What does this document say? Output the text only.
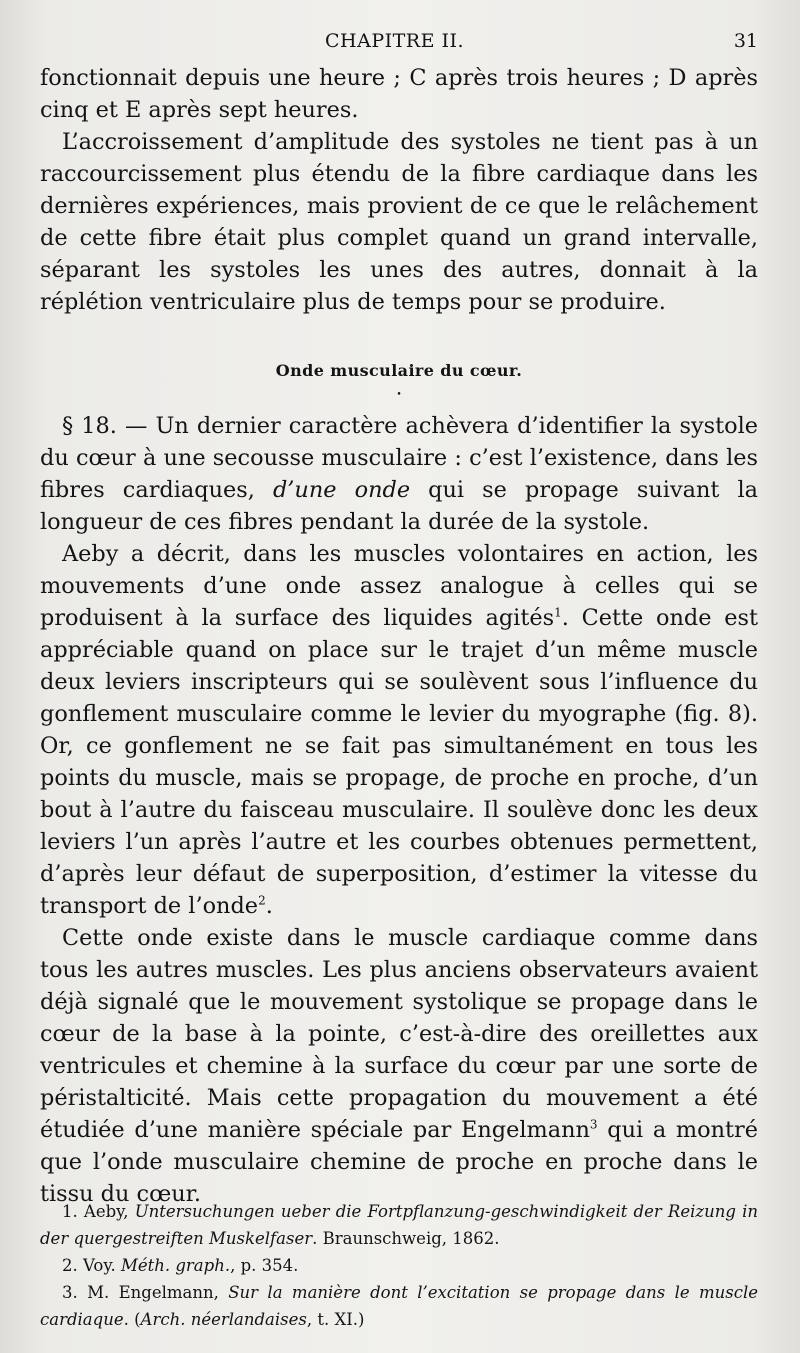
CHAPITRE II.	31

fonctionnait depuis une heure ; C après trois heures ; D après cinq et E après sept heures.

L’accroissement d’amplitude des systoles ne tient pas à un raccourcissement plus étendu de la fibre cardiaque dans les dernières expériences, mais provient de ce que le relâchement de cette fibre était plus complet quand un grand intervalle, séparant les systoles les unes des autres, donnait à la réplétion ventriculaire plus de temps pour se produire.

Onde musculaire du cœur.
•

§ 18. — Un dernier caractère achèvera d’identifier la systole du cœur à une secousse musculaire : c’est l’existence, dans les fibres cardiaques, d’une onde qui se propage suivant la longueur de ces fibres pendant la durée de la systole.

Aeby a décrit, dans les muscles volontaires en action, les mouvements d’une onde assez analogue à celles qui se produisent à la surface des liquides agités$^1$. Cette onde est appréciable quand on place sur le trajet d’un même muscle deux leviers inscripteurs qui se soulèvent sous l’influence du gonflement musculaire comme le levier du myographe (fig. 8). Or, ce gonflement ne se fait pas simultanément en tous les points du muscle, mais se propage, de proche en proche, d’un bout à l’autre du faisceau musculaire. Il soulève donc les deux leviers l’un après l’autre et les courbes obtenues permettent, d’après leur défaut de superposition, d’estimer la vitesse du transport de l’onde$^2$.

Cette onde existe dans le muscle cardiaque comme dans tous les autres muscles. Les plus anciens observateurs avaient déjà signalé que le mouvement systolique se propage dans le cœur de la base à la pointe, c’est-à-dire des oreillettes aux ventricules et chemine à la surface du cœur par une sorte de péristalticité. Mais cette propagation du mouvement a été étudiée d’une manière spéciale par Engelmann$^3$ qui a montré que l’onde musculaire chemine de proche en proche dans le tissu du cœur.

1. Aeby, Untersuchungen ueber die Fortpflanzung-geschwindigkeit der Reizung in der quergestreiften Muskelfaser. Braunschweig, 1862.

2. Voy. Méth. graph., p. 354.

3. M. Engelmann, Sur la manière dont l’excitation se propage dans le muscle cardiaque. (Arch. néerlandaises, t. XI.)
